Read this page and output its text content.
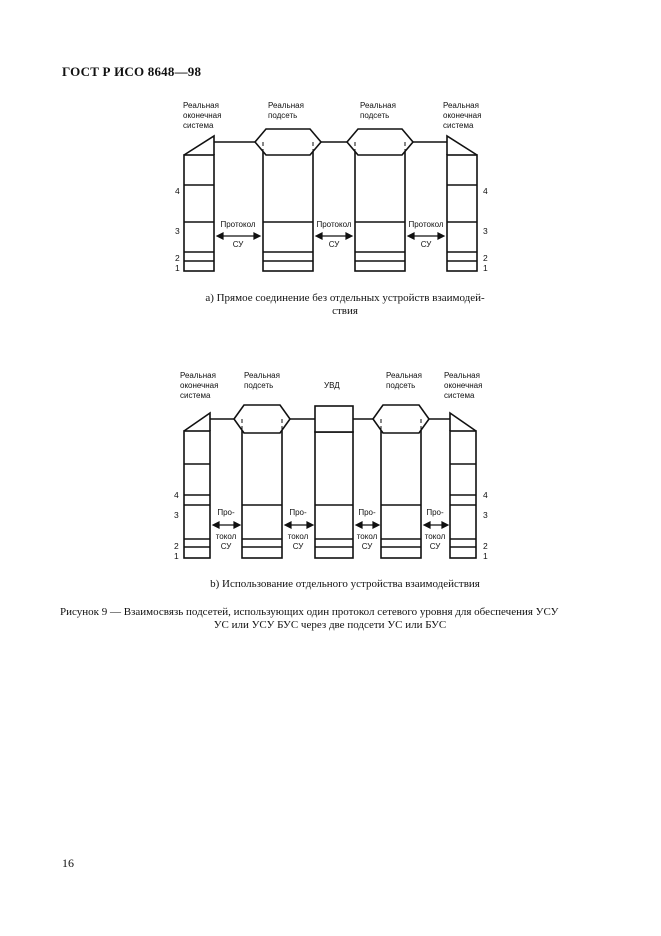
ГОСТ Р ИСО 8648—98
Реальная
оконечная
система
Реальная
подсеть
Реальная
подсеть
Реальная
оконечная
система
Протокол
СУ
Протокол
СУ
Протокол
СУ
4
3
2
1
4
3
2
1
а) Прямое соединение без отдельных устройств взаимодей-
ствия
Реальная
оконечная
система
Реальная
подсеть	УВД
Реальная
подсеть
Реальная
оконечная
система
Про-
токол
СУ
Про-
токол
СУ
Про-
токол
СУ
Про-
токол
СУ
4
3
2
1
4
3
2
1
b) Использование отдельного устройства взаимодействия
Рисунок 9 — Взаимосвязь подсетей, использующих один протокол сетевого уровня для обеспечения УСУ
УС или УСУ БУС через две подсети УС или БУС
16
